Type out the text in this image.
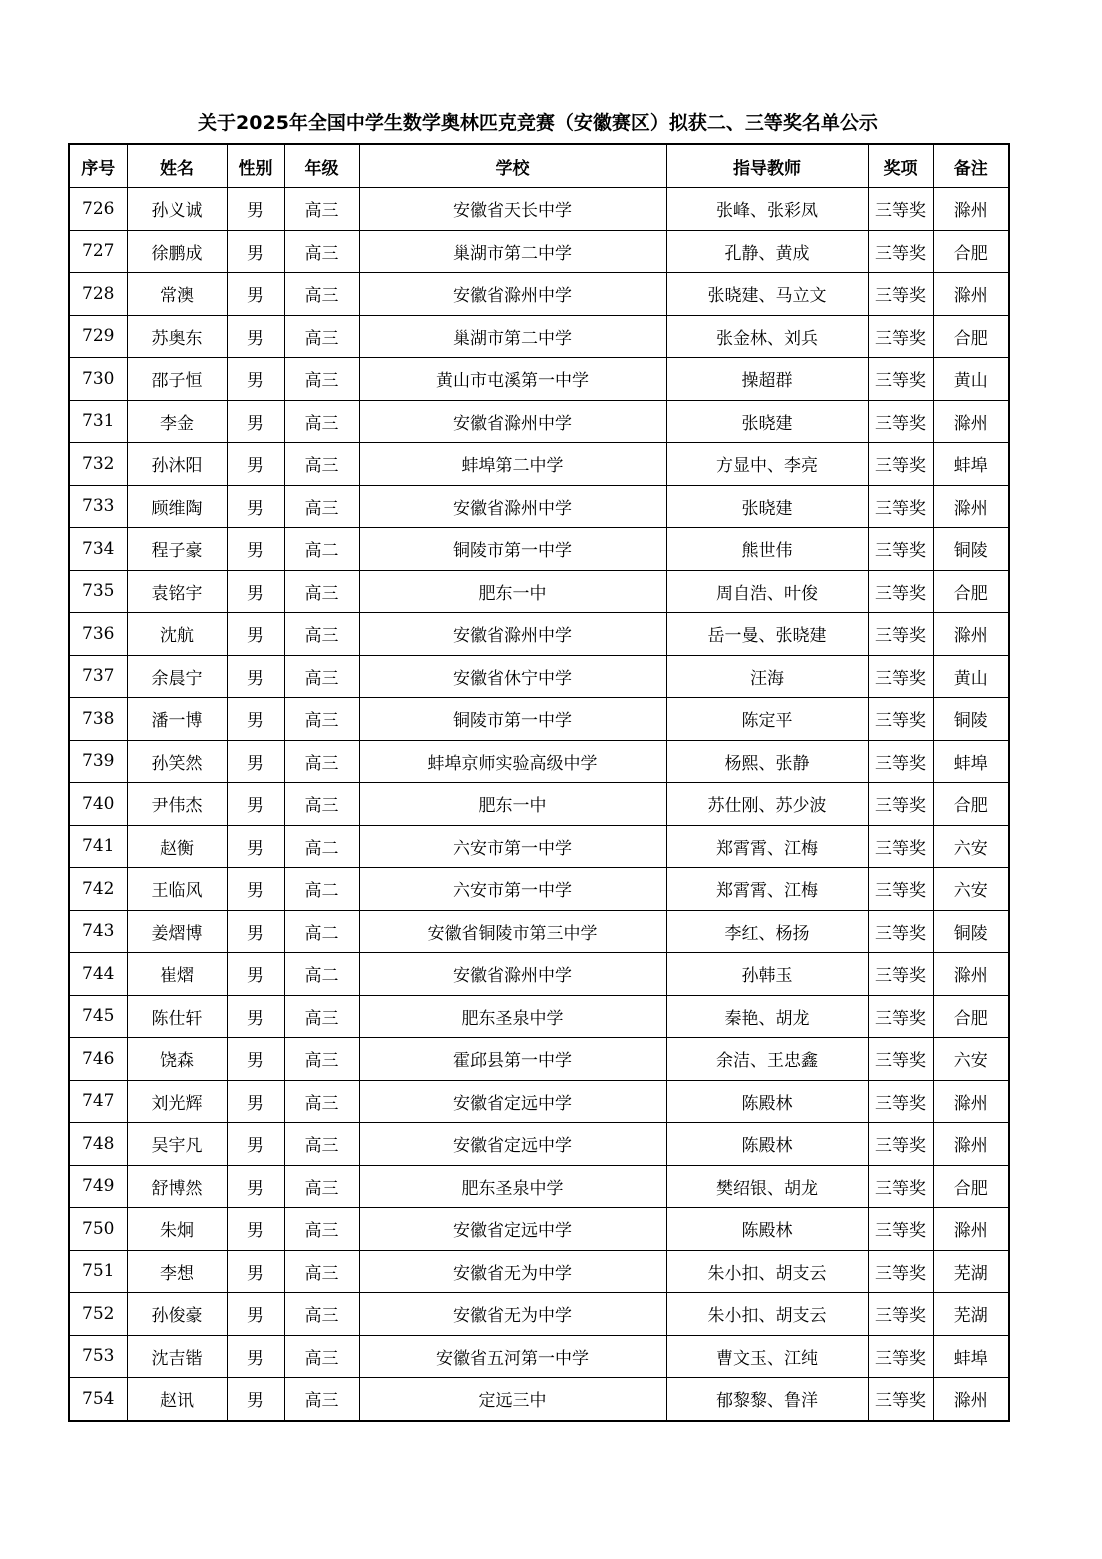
关于2025年全国中学生数学奥林匹克竞赛（安徽赛区）拟获二、三等奖名单公示
序号	姓名	性别	年级	学校	指导教师	奖项	备注
726	孙义诚	男	高三	安徽省天长中学	张峰、张彩凤	三等奖	滁州
727	徐鹏成	男	高三	巢湖市第二中学	孔静、黄成	三等奖	合肥
728	常澳	男	高三	安徽省滁州中学	张晓建、马立文	三等奖	滁州
729	苏奥东	男	高三	巢湖市第二中学	张金林、刘兵	三等奖	合肥
730	邵子恒	男	高三	黄山市屯溪第一中学	操超群	三等奖	黄山
731	李金	男	高三	安徽省滁州中学	张晓建	三等奖	滁州
732	孙沐阳	男	高三	蚌埠第二中学	方显中、李亮	三等奖	蚌埠
733	顾维陶	男	高三	安徽省滁州中学	张晓建	三等奖	滁州
734	程子豪	男	高二	铜陵市第一中学	熊世伟	三等奖	铜陵
735	袁铭宇	男	高三	肥东一中	周自浩、叶俊	三等奖	合肥
736	沈航	男	高三	安徽省滁州中学	岳一曼、张晓建	三等奖	滁州
737	余晨宁	男	高三	安徽省休宁中学	汪海	三等奖	黄山
738	潘一博	男	高三	铜陵市第一中学	陈定平	三等奖	铜陵
739	孙笑然	男	高三	蚌埠京师实验高级中学	杨熙、张静	三等奖	蚌埠
740	尹伟杰	男	高三	肥东一中	苏仕刚、苏少波	三等奖	合肥
741	赵衡	男	高二	六安市第一中学	郑霄霄、江梅	三等奖	六安
742	王临风	男	高二	六安市第一中学	郑霄霄、江梅	三等奖	六安
743	姜熠博	男	高二	安徽省铜陵市第三中学	李红、杨扬	三等奖	铜陵
744	崔熠	男	高二	安徽省滁州中学	孙韩玉	三等奖	滁州
745	陈仕轩	男	高三	肥东圣泉中学	秦艳、胡龙	三等奖	合肥
746	饶森	男	高三	霍邱县第一中学	余洁、王忠鑫	三等奖	六安
747	刘光辉	男	高三	安徽省定远中学	陈殿林	三等奖	滁州
748	吴宇凡	男	高三	安徽省定远中学	陈殿林	三等奖	滁州
749	舒博然	男	高三	肥东圣泉中学	樊绍银、胡龙	三等奖	合肥
750	朱炯	男	高三	安徽省定远中学	陈殿林	三等奖	滁州
751	李想	男	高三	安徽省无为中学	朱小扣、胡支云	三等奖	芜湖
752	孙俊豪	男	高三	安徽省无为中学	朱小扣、胡支云	三等奖	芜湖
753	沈吉锴	男	高三	安徽省五河第一中学	曹文玉、江纯	三等奖	蚌埠
754	赵讯	男	高三	定远三中	郁黎黎、鲁洋	三等奖	滁州
